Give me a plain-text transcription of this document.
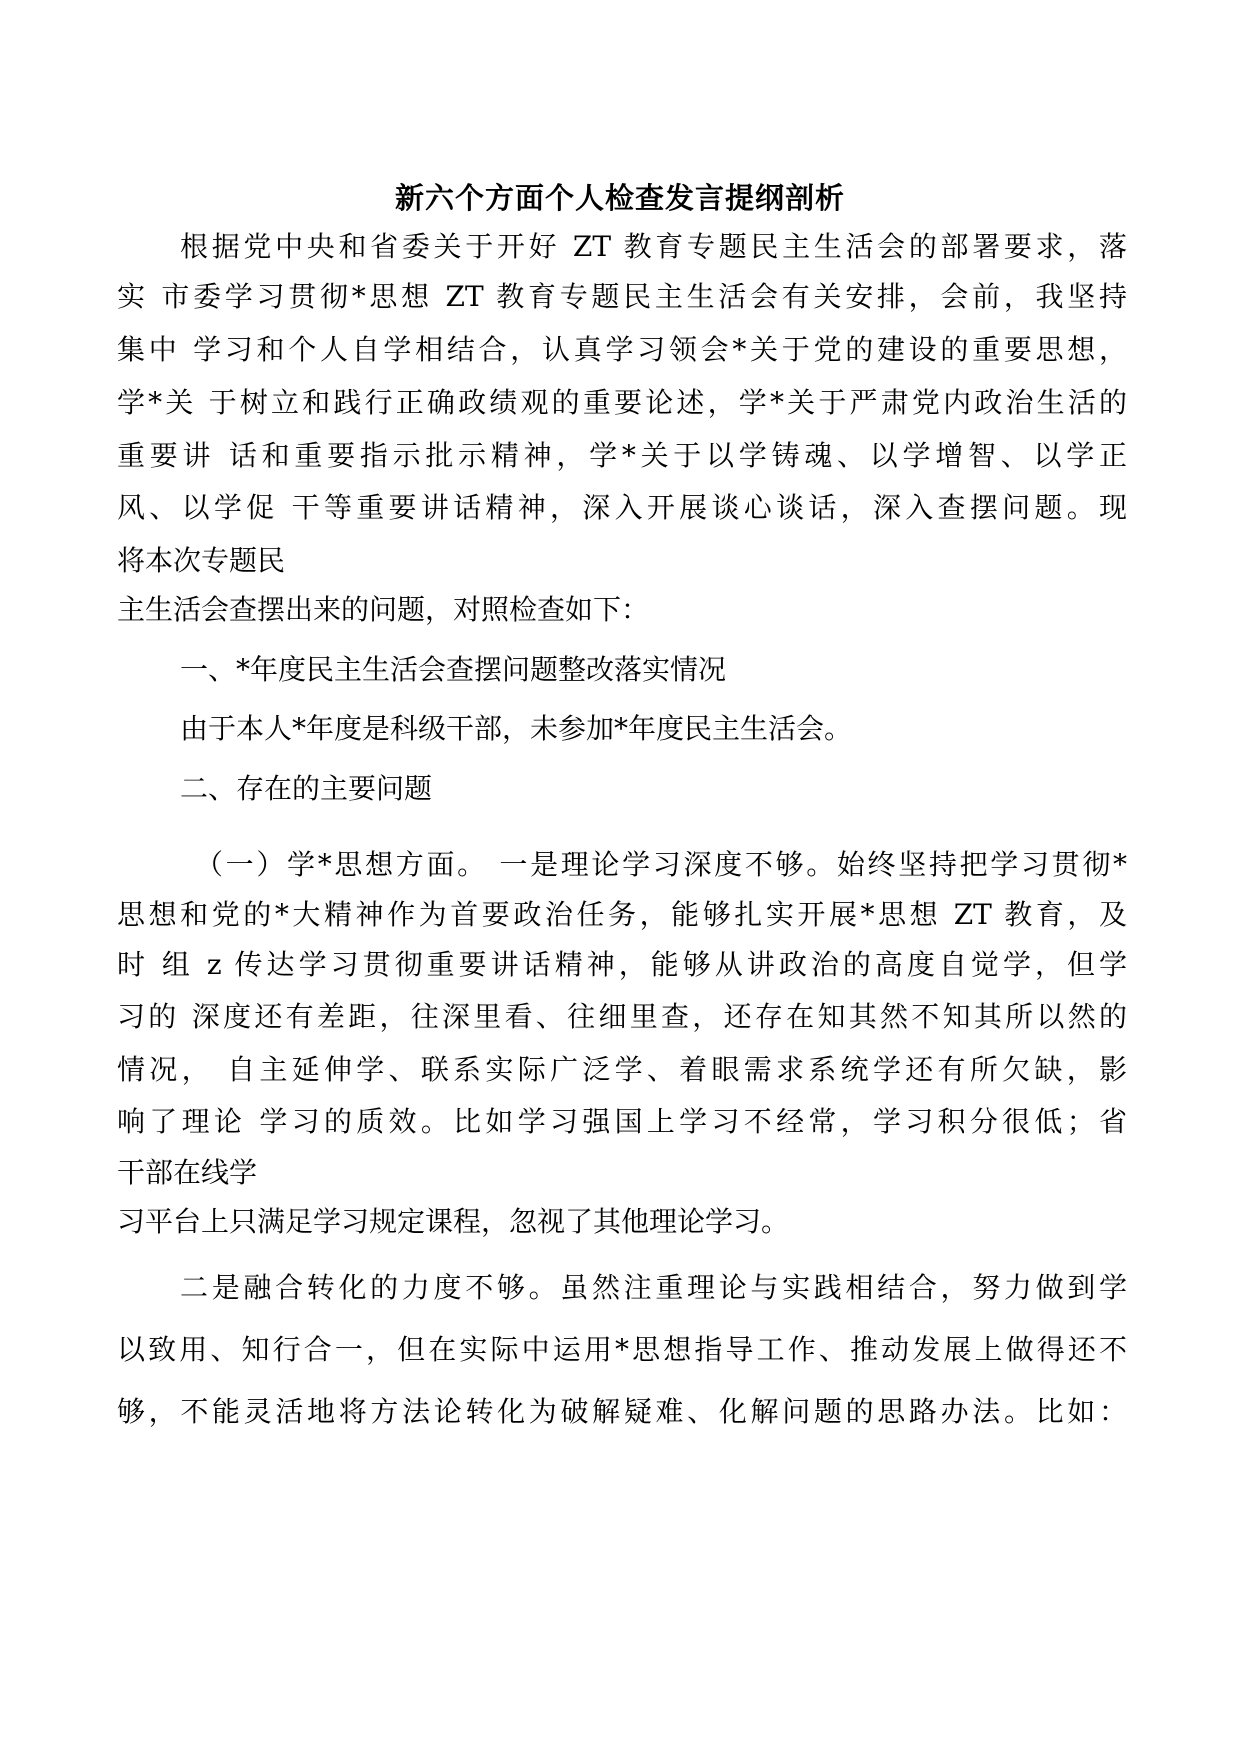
新六个方面个人检查发言提纲剖析
根据党中央和省委关于开好 ZT 教育专题民主生活会的部署要求，落
实 市委学习贯彻*思想 ZT 教育专题民主生活会有关安排，会前，我坚持
集中 学习和个人自学相结合，认真学习领会*关于党的建设的重要思想，
学*关 于树立和践行正确政绩观的重要论述，学*关于严肃党内政治生活的
重要讲 话和重要指示批示精神，学*关于以学铸魂、以学增智、以学正
风、以学促 干等重要讲话精神，深入开展谈心谈话，深入查摆问题。现
将本次专题民
主生活会查摆出来的问题，对照检查如下：
一、*年度民主生活会查摆问题整改落实情况
由于本人*年度是科级干部，未参加*年度民主生活会。
二、存在的主要问题
（一）学*思想方面。 一是理论学习深度不够。始终坚持把学习贯彻*
思想和党的*大精神作为首要政治任务，能够扎实开展*思想 ZT 教育，及
时 组 z 传达学习贯彻重要讲话精神，能够从讲政治的高度自觉学，但学
习的 深度还有差距，往深里看、往细里查，还存在知其然不知其所以然的
情况， 自主延伸学、联系实际广泛学、着眼需求系统学还有所欠缺，影
响了理论 学习的质效。比如学习强国上学习不经常，学习积分很低；省
干部在线学
习平台上只满足学习规定课程，忽视了其他理论学习。
二是融合转化的力度不够。虽然注重理论与实践相结合，努力做到学
以致用、知行合一，但在实际中运用*思想指导工作、推动发展上做得还不
够，不能灵活地将方法论转化为破解疑难、化解问题的思路办法。比如：
